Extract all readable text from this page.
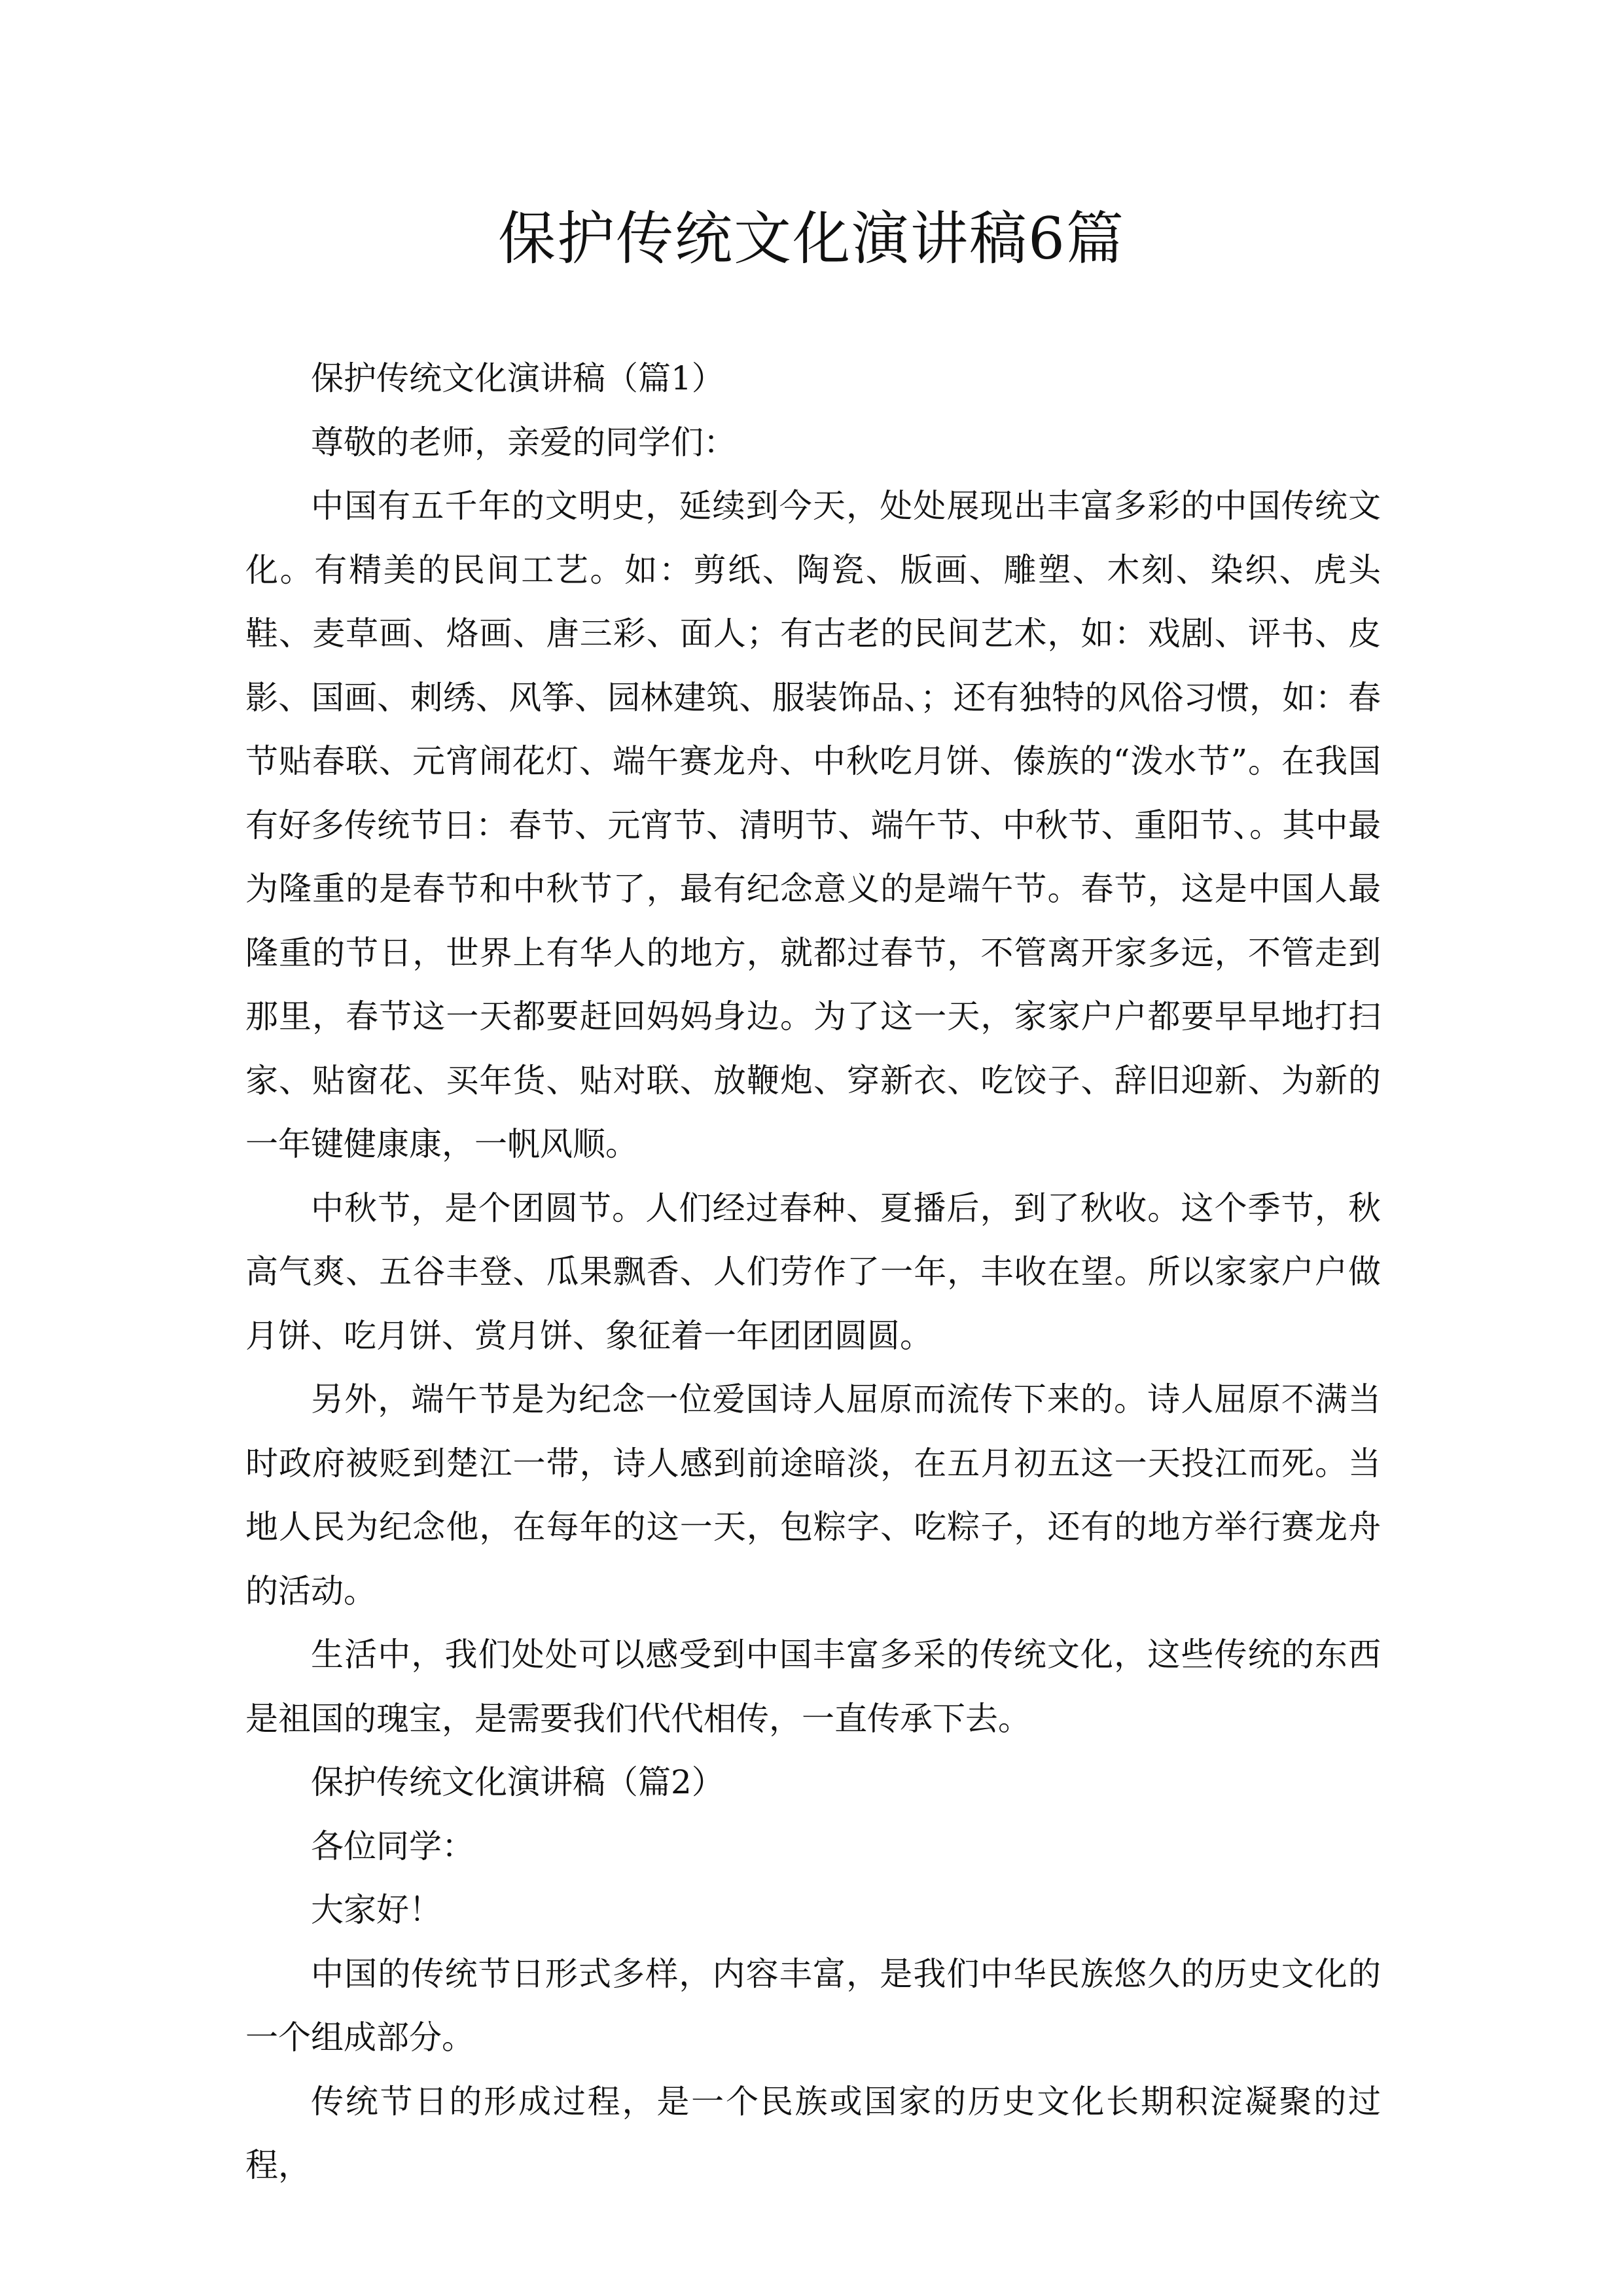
保护传统文化演讲稿6篇

保护传统文化演讲稿（篇1）

尊敬的老师，亲爱的同学们：

中国有五千年的文明史，延续到今天，处处展现出丰富多彩的中国传统文化。有精美的民间工艺。如：剪纸、陶瓷、版画、雕塑、木刻、染织、虎头鞋、麦草画、烙画、唐三彩、面人；有古老的民间艺术，如：戏剧、评书、皮影、国画、刺绣、风筝、园林建筑、服装饰品、；还有独特的风俗习惯，如：春节贴春联、元宵闹花灯、端午赛龙舟、中秋吃月饼、傣族的“泼水节”。在我国有好多传统节日：春节、元宵节、清明节、端午节、中秋节、重阳节、。其中最为隆重的是春节和中秋节了，最有纪念意义的是端午节。春节，这是中国人最隆重的节日，世界上有华人的地方，就都过春节，不管离开家多远，不管走到那里，春节这一天都要赶回妈妈身边。为了这一天，家家户户都要早早地打扫家、贴窗花、买年货、贴对联、放鞭炮、穿新衣、吃饺子、辞旧迎新、为新的一年键健康康，一帆风顺。

中秋节，是个团圆节。人们经过春种、夏播后，到了秋收。这个季节，秋高气爽、五谷丰登、瓜果飘香、人们劳作了一年，丰收在望。所以家家户户做月饼、吃月饼、赏月饼、象征着一年团团圆圆。

另外，端午节是为纪念一位爱国诗人屈原而流传下来的。诗人屈原不满当时政府被贬到楚江一带，诗人感到前途暗淡，在五月初五这一天投江而死。当地人民为纪念他，在每年的这一天，包粽字、吃粽子，还有的地方举行赛龙舟的活动。

生活中，我们处处可以感受到中国丰富多采的传统文化，这些传统的东西是祖国的瑰宝，是需要我们代代相传，一直传承下去。

保护传统文化演讲稿（篇2）

各位同学：

大家好！

中国的传统节日形式多样，内容丰富，是我们中华民族悠久的历史文化的一个组成部分。

传统节日的形成过程，是一个民族或国家的历史文化长期积淀凝聚的过程，
